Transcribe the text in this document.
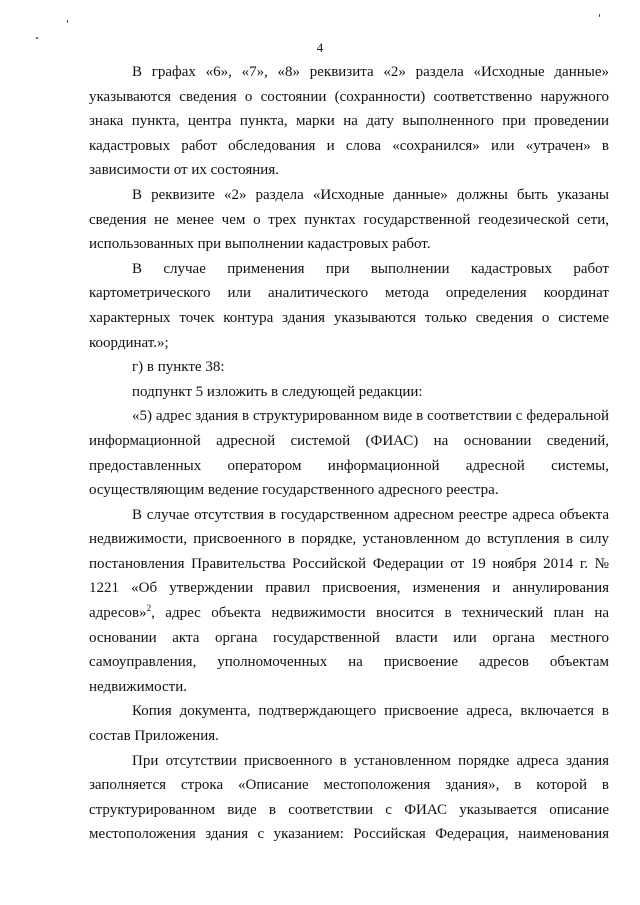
4

В графах «6», «7», «8» реквизита «2» раздела «Исходные данные» указываются сведения о состоянии (сохранности) соответственно наружного знака пункта, центра пункта, марки на дату выполненного при проведении кадастровых работ обследования и слова «сохранился» или «утрачен» в зависимости от их состояния.

В реквизите «2» раздела «Исходные данные» должны быть указаны сведения не менее чем о трех пунктах государственной геодезической сети, использованных при выполнении кадастровых работ.

В случае применения при выполнении кадастровых работ картометрического или аналитического метода определения координат характерных точек контура здания указываются только сведения о системе координат.»;

г) в пункте 38:

подпункт 5 изложить в следующей редакции:

«5) адрес здания в структурированном виде в соответствии с федеральной информационной адресной системой (ФИАС) на основании сведений, предоставленных оператором информационной адресной системы, осуществляющим ведение государственного адресного реестра.

В случае отсутствия в государственном адресном реестре адреса объекта недвижимости, присвоенного в порядке, установленном до вступления в силу постановления Правительства Российской Федерации от 19 ноября 2014 г. № 1221 «Об утверждении правил присвоения, изменения и аннулирования адресов»$^2$, адрес объекта недвижимости вносится в технический план на основании акта органа государственной власти или органа местного самоуправления, уполномоченных на присвоение адресов объектам недвижимости.

Копия документа, подтверждающего присвоение адреса, включается в состав Приложения.

При отсутствии присвоенного в установленном порядке адреса здания заполняется строка «Описание местоположения здания», в которой в структурированном виде в соответствии с ФИАС указывается описание местоположения здания с указанием: Российская Федерация, наименования
